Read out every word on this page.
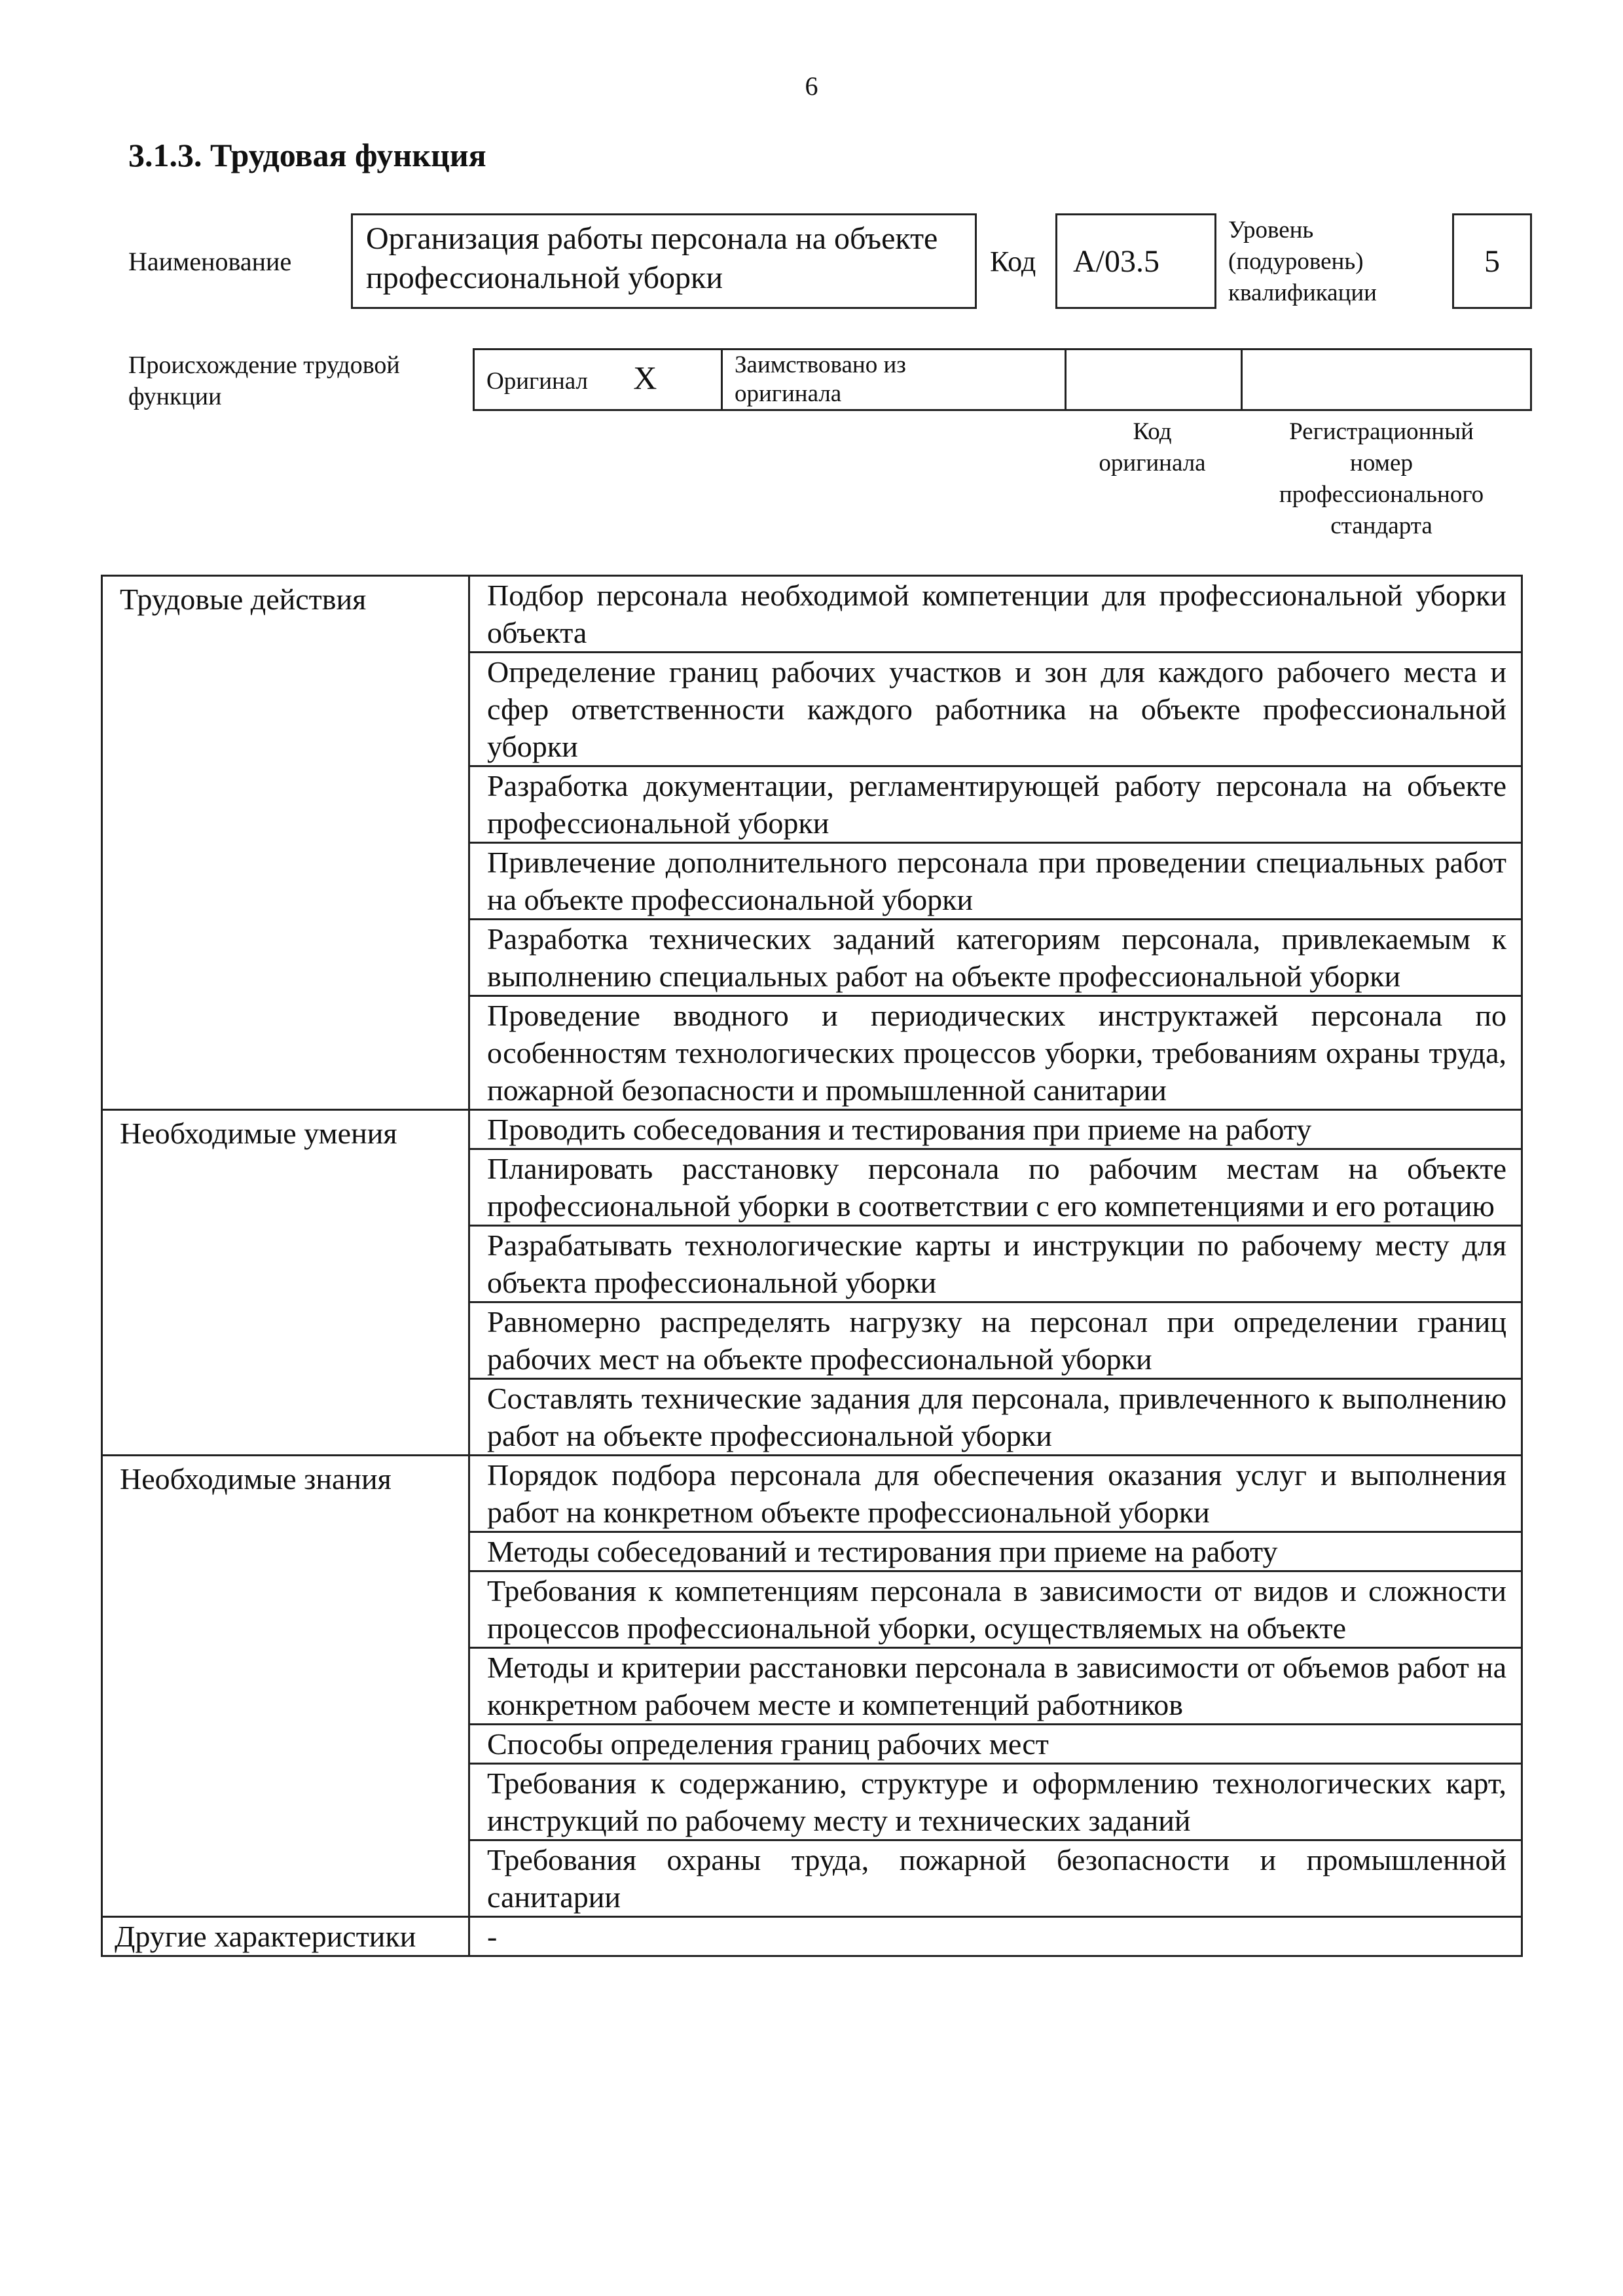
6
3.1.3. Трудовая функция
Наименование
Организация работы персонала на объекте профессиональной уборки	Код A/03.5
Уровень
(подуровень)
квалификации
5
Происхождение трудовой
функции
Оригинал X	Заимствовано из
оригинала

Код
оригинала
Регистрационный
номер
профессионального
стандарта
Трудовые действия	Подбор персонала необходимой компетенции для профессиональной уборки объекта
	Определение границ рабочих участков и зон для каждого рабочего места и сфер ответственности каждого работника на объекте профессиональной уборки
	Разработка документации, регламентирующей работу персонала на объекте профессиональной уборки
	Привлечение дополнительного персонала при проведении специальных работ на объекте профессиональной уборки
	Разработка технических заданий категориям персонала, привлекаемым к выполнению специальных работ на объекте профессиональной уборки
	Проведение вводного и периодических инструктажей персонала по особенностям технологических процессов уборки, требованиям охраны труда, пожарной безопасности и промышленной санитарии
Необходимые умения	Проводить собеседования и тестирования при приеме на работу
	Планировать расстановку персонала по рабочим местам на объекте профессиональной уборки в соответствии с его компетенциями и его ротацию
	Разрабатывать технологические карты и инструкции по рабочему месту для объекта профессиональной уборки
	Равномерно распределять нагрузку на персонал при определении границ рабочих мест на объекте профессиональной уборки
	Составлять технические задания для персонала, привлеченного к выполнению работ на объекте профессиональной уборки
Необходимые знания	Порядок подбора персонала для обеспечения оказания услуг и выполнения работ на конкретном объекте профессиональной уборки
	Методы собеседований и тестирования при приеме на работу
	Требования к компетенциям персонала в зависимости от видов и сложности процессов профессиональной уборки, осуществляемых на объекте
	Методы и критерии расстановки персонала в зависимости от объемов работ на конкретном рабочем месте и компетенций работников
	Способы определения границ рабочих мест
	Требования к содержанию, структуре и оформлению технологических карт, инструкций по рабочему месту и технических заданий
	Требования охраны труда, пожарной безопасности и промышленной санитарии
Другие характеристики	-
